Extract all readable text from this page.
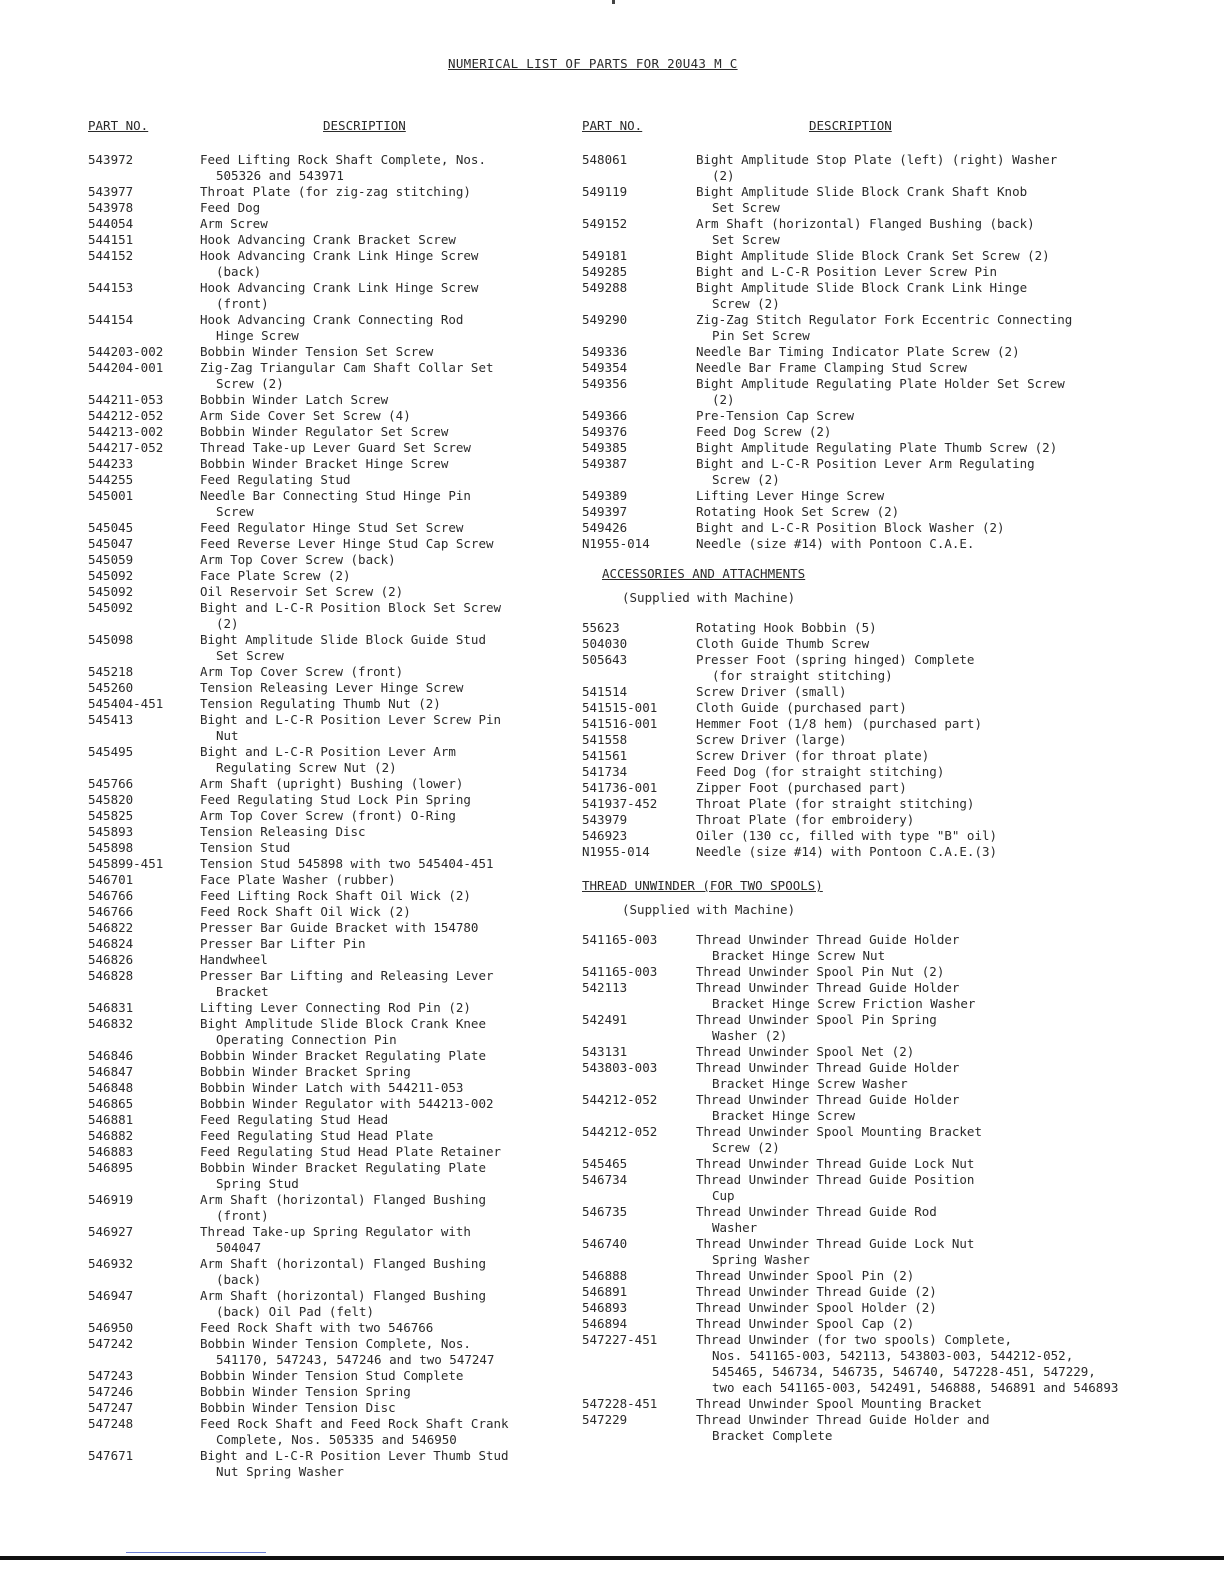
NUMERICAL LIST OF PARTS FOR 20U43 M C
PART NO.	DESCRIPTION
543972	Feed Lifting Rock Shaft Complete, Nos.
505326 and 543971
543977	Throat Plate (for zig-zag stitching)
543978	Feed Dog
544054	Arm Screw
544151	Hook Advancing Crank Bracket Screw
544152	Hook Advancing Crank Link Hinge Screw
(back)
544153	Hook Advancing Crank Link Hinge Screw
(front)
544154	Hook Advancing Crank Connecting Rod
Hinge Screw
544203-002	Bobbin Winder Tension Set Screw
544204-001	Zig-Zag Triangular Cam Shaft Collar Set
Screw (2)
544211-053	Bobbin Winder Latch Screw
544212-052	Arm Side Cover Set Screw (4)
544213-002	Bobbin Winder Regulator Set Screw
544217-052	Thread Take-up Lever Guard Set Screw
544233	Bobbin Winder Bracket Hinge Screw
544255	Feed Regulating Stud
545001	Needle Bar Connecting Stud Hinge Pin
Screw
545045	Feed Regulator Hinge Stud Set Screw
545047	Feed Reverse Lever Hinge Stud Cap Screw
545059	Arm Top Cover Screw (back)
545092	Face Plate Screw (2)
545092	Oil Reservoir Set Screw (2)
545092	Bight and L-C-R Position Block Set Screw
(2)
545098	Bight Amplitude Slide Block Guide Stud
Set Screw
545218	Arm Top Cover Screw (front)
545260	Tension Releasing Lever Hinge Screw
545404-451	Tension Regulating Thumb Nut (2)
545413	Bight and L-C-R Position Lever Screw Pin
Nut
545495	Bight and L-C-R Position Lever Arm
Regulating Screw Nut (2)
545766	Arm Shaft (upright) Bushing (lower)
545820	Feed Regulating Stud Lock Pin Spring
545825	Arm Top Cover Screw (front) O-Ring
545893	Tension Releasing Disc
545898	Tension Stud
545899-451	Tension Stud 545898 with two 545404-451
546701	Face Plate Washer (rubber)
546766	Feed Lifting Rock Shaft Oil Wick (2)
546766	Feed Rock Shaft Oil Wick (2)
546822	Presser Bar Guide Bracket with 154780
546824	Presser Bar Lifter Pin
546826	Handwheel
546828	Presser Bar Lifting and Releasing Lever
Bracket
546831	Lifting Lever Connecting Rod Pin (2)
546832	Bight Amplitude Slide Block Crank Knee
Operating Connection Pin
546846	Bobbin Winder Bracket Regulating Plate
546847	Bobbin Winder Bracket Spring
546848	Bobbin Winder Latch with 544211-053
546865	Bobbin Winder Regulator with 544213-002
546881	Feed Regulating Stud Head
546882	Feed Regulating Stud Head Plate
546883	Feed Regulating Stud Head Plate Retainer
546895	Bobbin Winder Bracket Regulating Plate
Spring Stud
546919	Arm Shaft (horizontal) Flanged Bushing
(front)
546927	Thread Take-up Spring Regulator with
504047
546932	Arm Shaft (horizontal) Flanged Bushing
(back)
546947	Arm Shaft (horizontal) Flanged Bushing
(back) Oil Pad (felt)
546950	Feed Rock Shaft with two 546766
547242	Bobbin Winder Tension Complete, Nos.
541170, 547243, 547246 and two 547247
547243	Bobbin Winder Tension Stud Complete
547246	Bobbin Winder Tension Spring
547247	Bobbin Winder Tension Disc
547248	Feed Rock Shaft and Feed Rock Shaft Crank
Complete, Nos. 505335 and 546950
547671	Bight and L-C-R Position Lever Thumb Stud
Nut Spring Washer
PART NO.	DESCRIPTION
548061	Bight Amplitude Stop Plate (left) (right) Washer
(2)
549119	Bight Amplitude Slide Block Crank Shaft Knob
Set Screw
549152	Arm Shaft (horizontal) Flanged Bushing (back)
Set Screw
549181	Bight Amplitude Slide Block Crank Set Screw (2)
549285	Bight and L-C-R Position Lever Screw Pin
549288	Bight Amplitude Slide Block Crank Link Hinge
Screw (2)
549290	Zig-Zag Stitch Regulator Fork Eccentric Connecting
Pin Set Screw
549336	Needle Bar Timing Indicator Plate Screw (2)
549354	Needle Bar Frame Clamping Stud Screw
549356	Bight Amplitude Regulating Plate Holder Set Screw
(2)
549366	Pre-Tension Cap Screw
549376	Feed Dog Screw (2)
549385	Bight Amplitude Regulating Plate Thumb Screw (2)
549387	Bight and L-C-R Position Lever Arm Regulating
Screw (2)
549389	Lifting Lever Hinge Screw
549397	Rotating Hook Set Screw (2)
549426	Bight and L-C-R Position Block Washer (2)
N1955-014	Needle (size #14) with Pontoon C.A.E.
ACCESSORIES AND ATTACHMENTS
(Supplied with Machine)
55623	Rotating Hook Bobbin (5)
504030	Cloth Guide Thumb Screw
505643	Presser Foot (spring hinged) Complete
(for straight stitching)
541514	Screw Driver (small)
541515-001	Cloth Guide (purchased part)
541516-001	Hemmer Foot (1/8 hem) (purchased part)
541558	Screw Driver (large)
541561	Screw Driver (for throat plate)
541734	Feed Dog (for straight stitching)
541736-001	Zipper Foot (purchased part)
541937-452	Throat Plate (for straight stitching)
543979	Throat Plate (for embroidery)
546923	Oiler (130 cc, filled with type "B" oil)
N1955-014	Needle (size #14) with Pontoon C.A.E.(3)
THREAD UNWINDER (FOR TWO SPOOLS)
(Supplied with Machine)
541165-003	Thread Unwinder Thread Guide Holder
Bracket Hinge Screw Nut
541165-003	Thread Unwinder Spool Pin Nut (2)
542113	Thread Unwinder Thread Guide Holder
Bracket Hinge Screw Friction Washer
542491	Thread Unwinder Spool Pin Spring
Washer (2)
543131	Thread Unwinder Spool Net (2)
543803-003	Thread Unwinder Thread Guide Holder
Bracket Hinge Screw Washer
544212-052	Thread Unwinder Thread Guide Holder
Bracket Hinge Screw
544212-052	Thread Unwinder Spool Mounting Bracket
Screw (2)
545465	Thread Unwinder Thread Guide Lock Nut
546734	Thread Unwinder Thread Guide Position
Cup
546735	Thread Unwinder Thread Guide Rod
Washer
546740	Thread Unwinder Thread Guide Lock Nut
Spring Washer
546888	Thread Unwinder Spool Pin (2)
546891	Thread Unwinder Thread Guide (2)
546893	Thread Unwinder Spool Holder (2)
546894	Thread Unwinder Spool Cap (2)
547227-451	Thread Unwinder (for two spools) Complete,
Nos. 541165-003, 542113, 543803-003, 544212-052, 545465, 546734, 546735, 546740, 547228-451, 547229, two each 541165-003, 542491, 546888, 546891 and 546893
547228-451	Thread Unwinder Spool Mounting Bracket
547229	Thread Unwinder Thread Guide Holder and
Bracket Complete
